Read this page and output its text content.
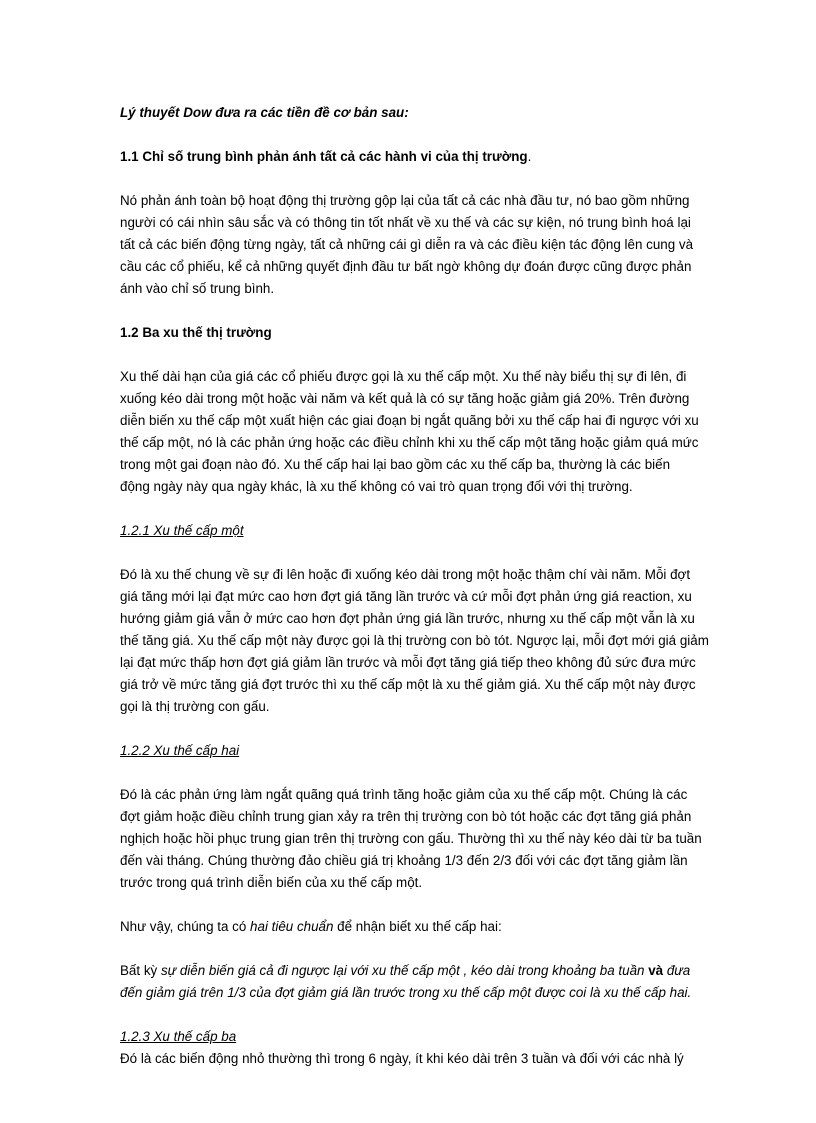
Lý thuyết Dow đưa ra các tiền đề cơ bản sau:

1.1 Chỉ số trung bình phản ánh tất cả các hành vi của thị trường.

Nó phản ánh toàn bộ hoạt động thị trường gộp lại của tất cả các nhà đầu tư, nó bao gồm những

người có cái nhìn sâu sắc và có thông tin tốt nhất về xu thế và các sự kiện, nó trung bình hoá lại

tất cả các biến động từng ngày, tất cả những cái gì diễn ra và các điều kiện tác động lên cung và

cầu các cổ phiếu, kể cả những quyết định đầu tư bất ngờ không dự đoán được cũng được phản

ánh vào chỉ số trung bình.

1.2 Ba xu thế thị trường

Xu thế dài hạn của giá các cổ phiếu được gọi là xu thế cấp một. Xu thế này biểu thị sự đi lên, đi

xuống kéo dài trong một hoặc vài năm và kết quả là có sự tăng hoặc giảm giá 20%. Trên đường

diễn biến xu thế cấp một xuất hiện các giai đoạn bị ngắt quãng bởi xu thế cấp hai đi ngược với xu

thế cấp một, nó là các phản ứng hoặc các điều chỉnh khi xu thế cấp một tăng hoặc giảm quá mức

trong một gai đoạn nào đó. Xu thế cấp hai lại bao gồm các xu thế cấp ba, thường là các biến

động ngày này qua ngày khác, là xu thế không có vai trò quan trọng đối với thị trường.

1.2.1 Xu thế cấp một

Đó là xu thế chung về sự đi lên hoặc đi xuống kéo dài trong một hoặc thậm chí vài năm. Mỗi đợt

giá tăng mới lại đạt mức cao hơn đợt giá tăng lần trước và cứ mỗi đợt phản ứng giá reaction, xu

hướng giảm giá vẫn ở mức cao hơn đợt phản ứng giá lần trước, nhưng xu thế cấp một vẫn là xu

thế tăng giá. Xu thế cấp một này được gọi là thị trường con bò tót. Ngược lại, mỗi đợt mới giá giảm

lại đạt mức thấp hơn đợt giá giảm lần trước và mỗi đợt tăng giá tiếp theo không đủ sức đưa mức

giá trở về mức tăng giá đợt trước thì xu thế cấp một là xu thế giảm giá. Xu thế cấp một này được

gọi là thị trường con gấu.

1.2.2 Xu thế cấp hai

Đó là các phản ứng làm ngắt quãng quá trình tăng hoặc giảm của xu thế cấp một. Chúng là các

đợt giảm hoặc điều chỉnh trung gian xảy ra trên thị trường con bò tót hoặc các đợt tăng giá phản

nghịch hoặc hồi phục trung gian trên thị trường con gấu. Thường thì xu thế này kéo dài từ ba tuần

đến vài tháng. Chúng thường đảo chiều giá trị khoảng 1/3 đến 2/3 đối với các đợt tăng giảm lần

trước trong quá trình diễn biến của xu thế cấp một.

Như vậy, chúng ta có hai tiêu chuẩn để nhận biết xu thế cấp hai:

Bất kỳ sự diễn biến giá cả đi ngược lại với xu thế cấp một , kéo dài trong khoảng ba tuần và đưa

đến giảm giá trên 1/3 của đợt giảm giá lần trước trong xu thế cấp một được coi là xu thế cấp hai.

1.2.3 Xu thế cấp ba

Đó là các biến động nhỏ thường thì trong 6 ngày, ít khi kéo dài trên 3 tuần và đối với các nhà lý
